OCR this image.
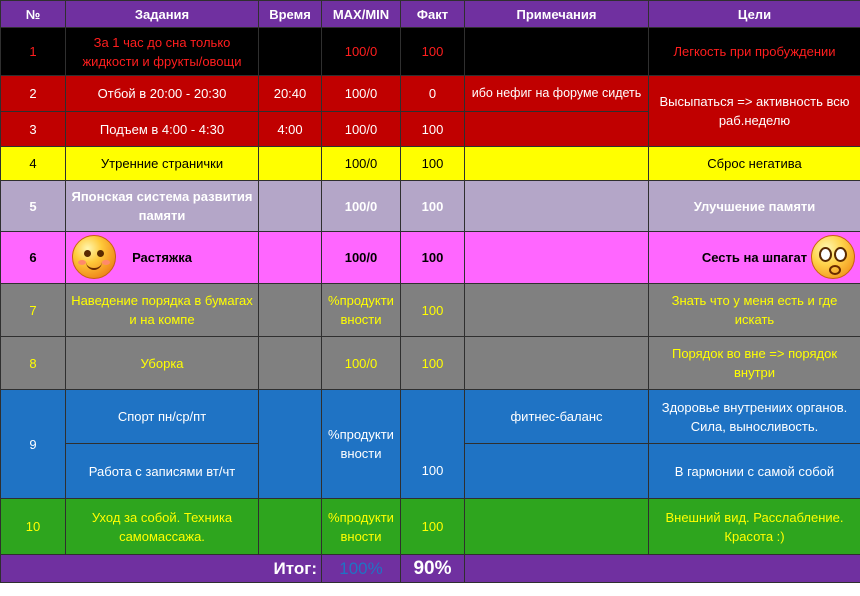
№	Задания	Время	MAX/MIN	Факт	Примечания	Цели
1	За 1 час до сна только жидкости и фрукты/овощи		100/0	100		Легкость при пробуждении
2	Отбой в 20:00 - 20:30	20:40	100/0	0	ибо нефиг на форуме сидеть	Высыпаться => активность всю раб.неделю
3	Подъем в 4:00 - 4:30	4:00	100/0	100		
4	Утренние странички		100/0	100		Сброс негатива
5	Японская система развития памяти		100/0	100		Улучшение памяти
6	Растяжка		100/0	100		Сесть на шпагат

7	Наведение порядка в бумагах и на компе		%продуктивности	100		Знать что у меня есть и где искать
8	Уборка		100/0	100		Порядок во вне => порядок внутри
9	Спорт пн/ср/пт		%продуктивности	100	фитнес-баланс	Здоровье внутрениих органов. Сила, выносливость.
	Работа с записями вт/чт					В гармонии с самой собой
10	Уход за собой. Техника самомассажа.		%продуктивности	100		Внешний вид. Расслабление. Красота :)
Итог:			100%	90%		
